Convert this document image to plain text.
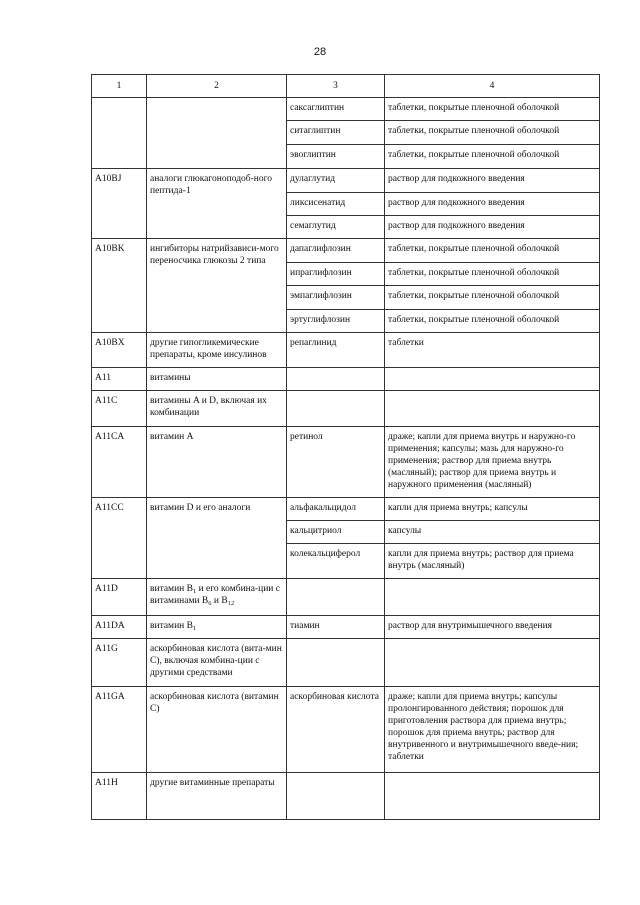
28
1	2	3	4
		саксаглиптин	таблетки, покрытые пленочной оболочкой
		ситаглиптин	таблетки, покрытые пленочной оболочкой
		эвоглиптин	таблетки, покрытые пленочной оболочкой
A10BJ	аналоги глюкагоноподоб-ного пептида-1	дулаглутид	раствор для подкожного введения
		ликсисенатид	раствор для подкожного введения
		семаглутид	раствор для подкожного введения
A10BK	ингибиторы натрийзависи-мого переносчика глюкозы 2 типа	дапаглифлозин	таблетки, покрытые пленочной оболочкой
		ипраглифлозин	таблетки, покрытые пленочной оболочкой
		эмпаглифлозин	таблетки, покрытые пленочной оболочкой
		эртуглифлозин	таблетки, покрытые пленочной оболочкой
A10BX	другие гипогликемические препараты, кроме инсулинов	репаглинид	таблетки
A11	витамины		
A11C	витамины A и D, включая их комбинации		
A11CA	витамин A	ретинол	драже; капли для приема внутрь и наружно-го применения; капсулы; мазь для наружно-го применения; раствор для приема внутрь (масляный); раствор для приема внутрь и наружного применения (масляный)
A11CC	витамин D и его аналоги	альфакальцидол	капли для приема внутрь; капсулы
		кальцитриол	капсулы
		колекальциферол	капли для приема внутрь; раствор для приема внутрь (масляный)
A11D	витамин $B_1$ и его комбина-ции с витаминами $B_6$ и $B_{12}$		
A11DA	витамин $B_1$	тиамин	раствор для внутримышечного введения
A11G	аскорбиновая кислота (вита-мин C), включая комбина-ции с другими средствами		
A11GA	аскорбиновая кислота (витамин C)	аскорбиновая кислота	драже; капли для приема внутрь; капсулы пролонгированного действия; порошок для приготовления раствора для приема внутрь; порошок для приема внутрь; раствор для внутривенного и внутримышечного введе-ния; таблетки
A11H	другие витаминные препараты		
